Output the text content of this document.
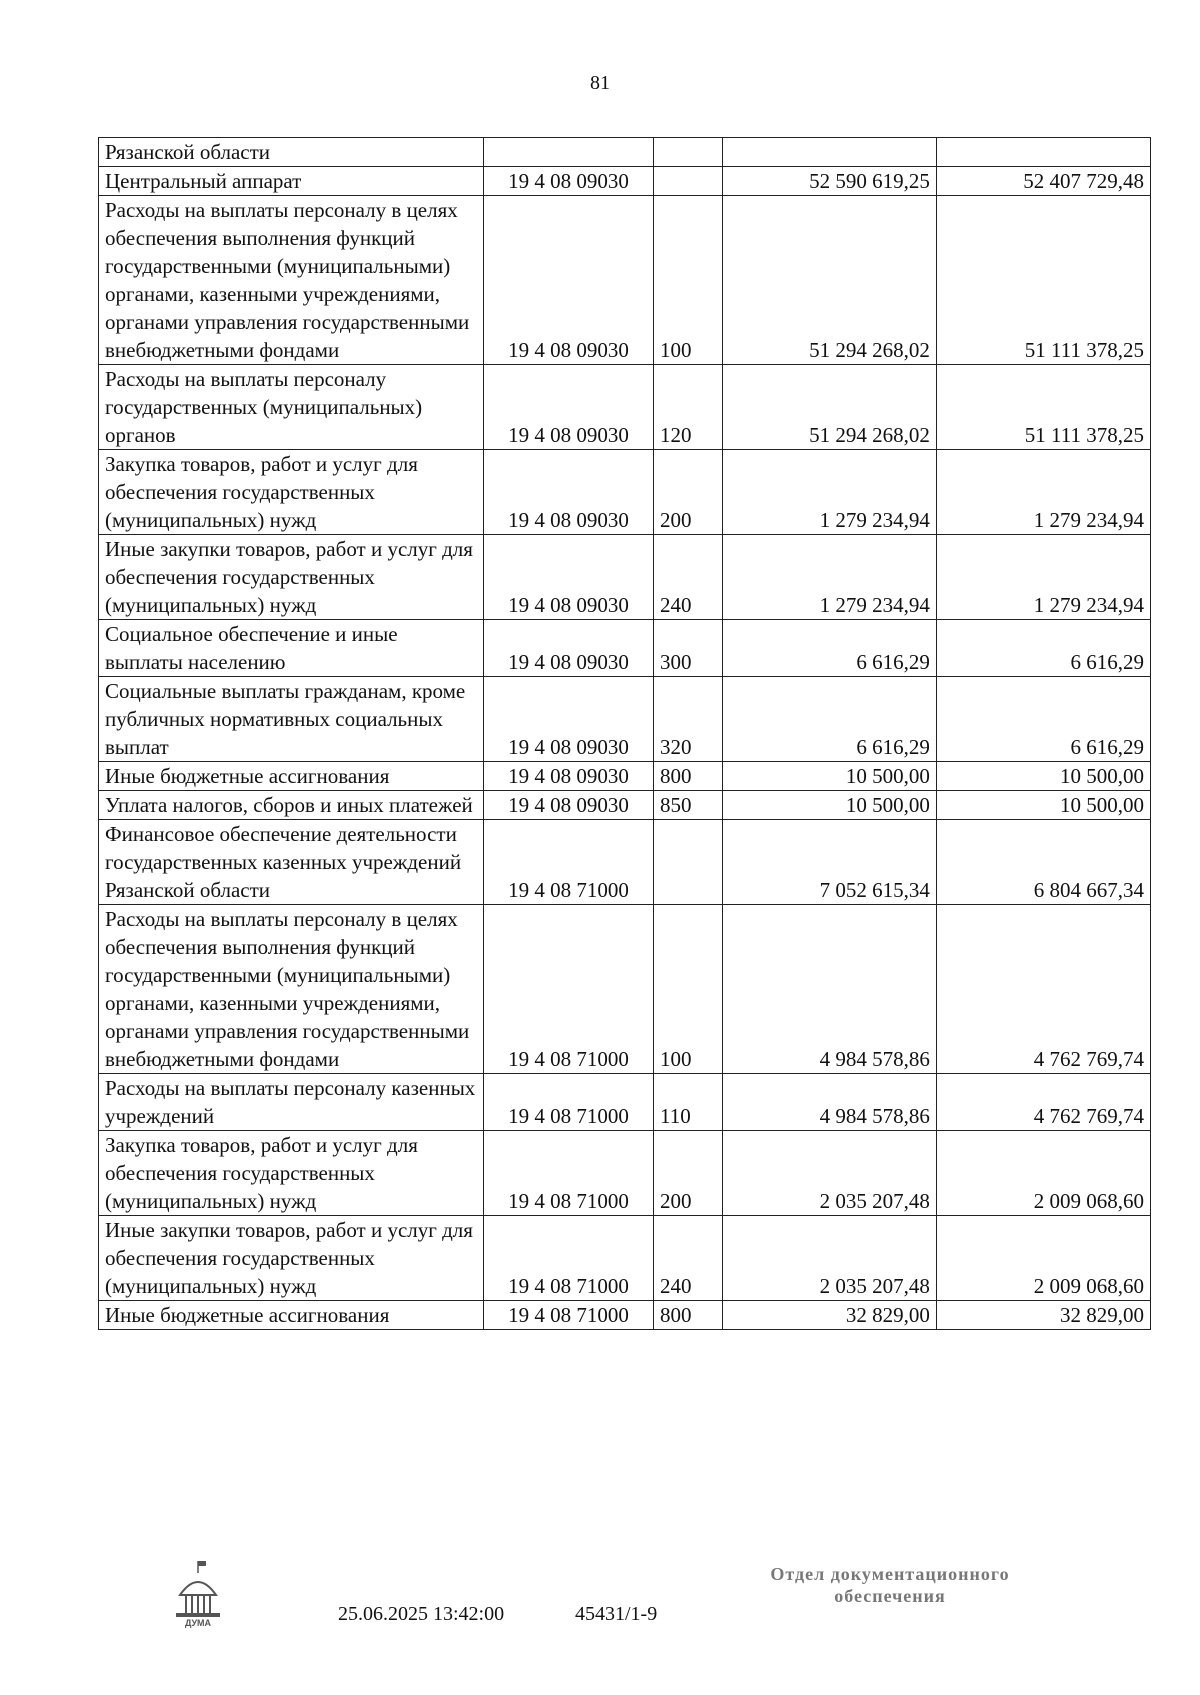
81
Рязанской области				
Центральный аппарат	19 4 08 09030		52 590 619,25	52 407 729,48
Расходы на выплаты персоналу в целях обеспечения выполнения функций государственными (муниципальными) органами, казенными учреждениями, органами управления государственными внебюджетными фондами	19 4 08 09030	100	51 294 268,02	51 111 378,25
Расходы на выплаты персоналу государственных (муниципальных) органов	19 4 08 09030	120	51 294 268,02	51 111 378,25
Закупка товаров, работ и услуг для обеспечения государственных (муниципальных) нужд	19 4 08 09030	200	1 279 234,94	1 279 234,94
Иные закупки товаров, работ и услуг для обеспечения государственных (муниципальных) нужд	19 4 08 09030	240	1 279 234,94	1 279 234,94
Социальное обеспечение и иные выплаты населению	19 4 08 09030	300	6 616,29	6 616,29
Социальные выплаты гражданам, кроме публичных нормативных социальных выплат	19 4 08 09030	320	6 616,29	6 616,29
Иные бюджетные ассигнования	19 4 08 09030	800	10 500,00	10 500,00
Уплата налогов, сборов и иных платежей	19 4 08 09030	850	10 500,00	10 500,00
Финансовое обеспечение деятельности государственных казенных учреждений Рязанской области	19 4 08 71000		7 052 615,34	6 804 667,34
Расходы на выплаты персоналу в целях обеспечения выполнения функций государственными (муниципальными) органами, казенными учреждениями, органами управления государственными внебюджетными фондами	19 4 08 71000	100	4 984 578,86	4 762 769,74
Расходы на выплаты персоналу казенных учреждений	19 4 08 71000	110	4 984 578,86	4 762 769,74
Закупка товаров, работ и услуг для обеспечения государственных (муниципальных) нужд	19 4 08 71000	200	2 035 207,48	2 009 068,60
Иные закупки товаров, работ и услуг для обеспечения государственных (муниципальных) нужд	19 4 08 71000	240	2 035 207,48	2 009 068,60
Иные бюджетные ассигнования	19 4 08 71000	800	32 829,00	32 829,00
ДУМА	25.06.2025 13:42:00	45431/1-9
Отдел документационного
обеспечения
